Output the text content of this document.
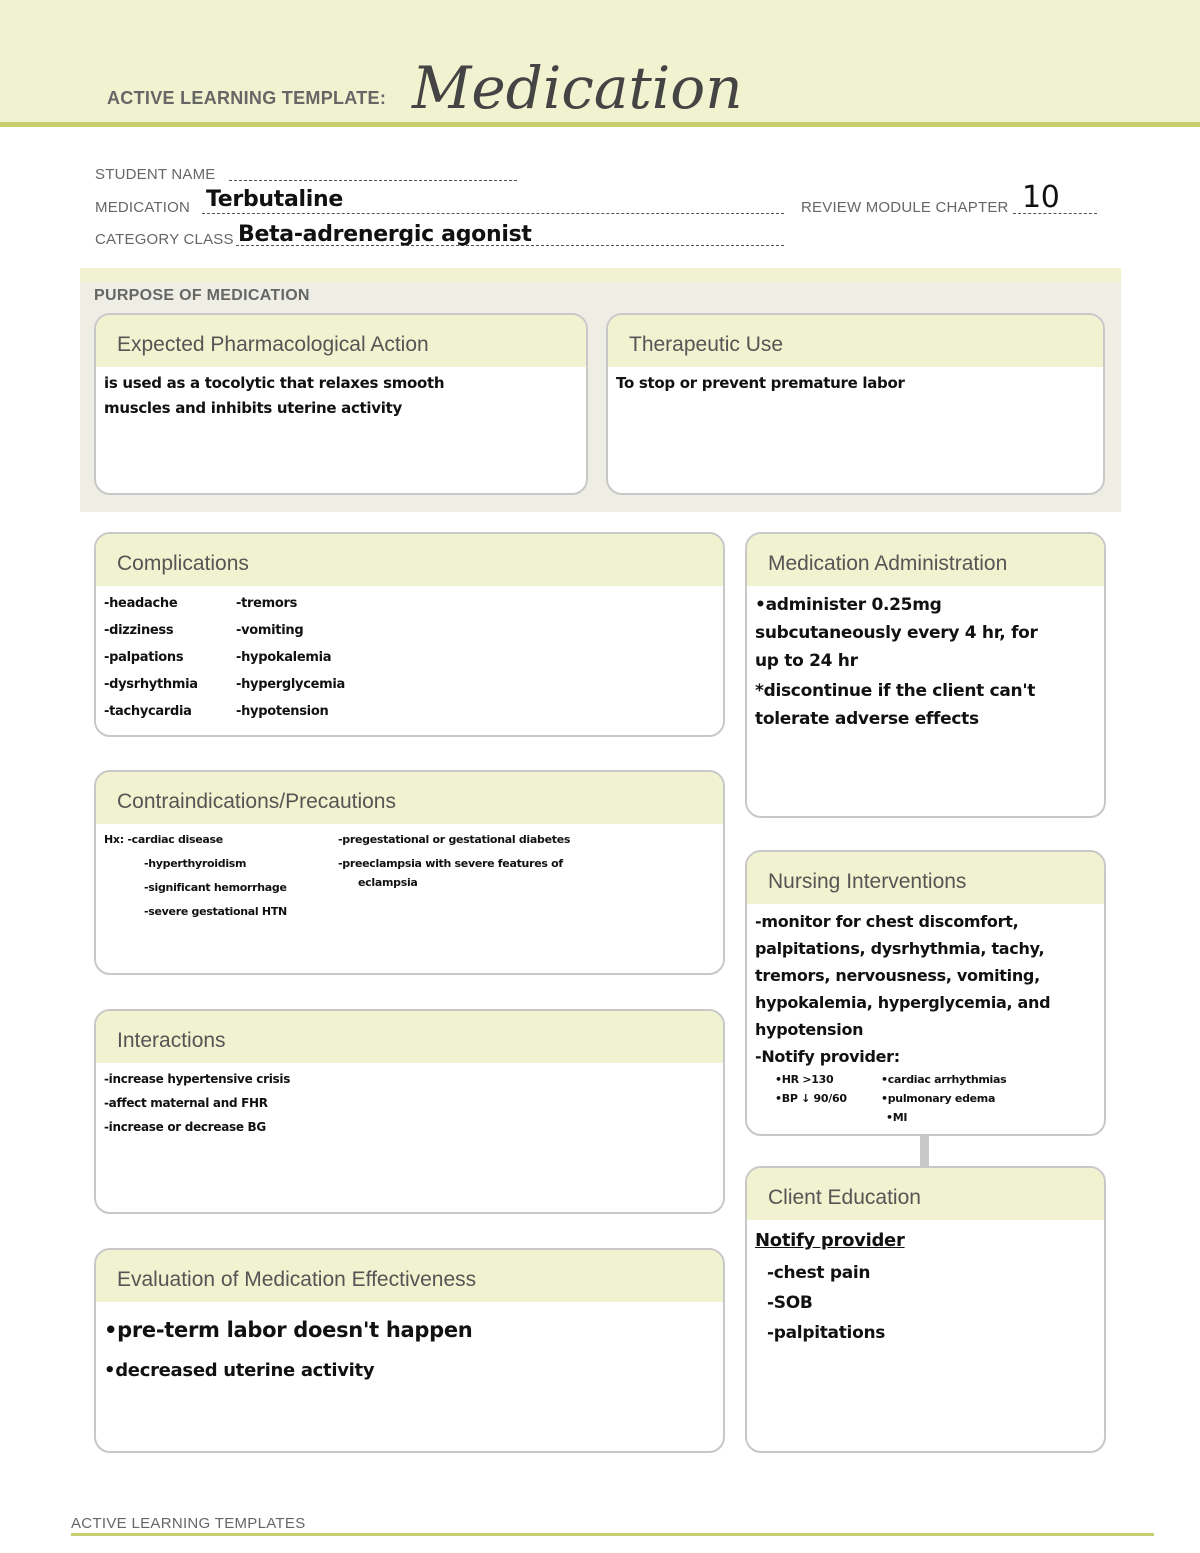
ACTIVE LEARNING TEMPLATE: Medication
STUDENT NAME
MEDICATION Terbutaline	REVIEW MODULE CHAPTER 10
CATEGORY CLASS Beta-adrenergic agonist
PURPOSE OF MEDICATION
Expected Pharmacological Action
is used as a tocolytic that relaxes smooth
muscles and inhibits uterine activity
Therapeutic Use
To stop or prevent premature labor
Complications
-headache
-dizziness
-palpations
-dysrhythmia
-tachycardia
-tremors
-vomiting
-hypokalemia
-hyperglycemia
-hypotension
Contraindications/Precautions
Hx: -cardiac disease
-hyperthyroidism
-significant hemorrhage
-severe gestational HTN
-pregestational or gestational diabetes
-preeclampsia with severe features of
eclampsia
Interactions
-increase hypertensive crisis
-affect maternal and FHR
-increase or decrease BG
Evaluation of Medication Effectiveness
•pre-term labor doesn't happen
•decreased uterine activity
Medication Administration
•administer 0.25mg
subcutaneously every 4 hr, for
up to 24 hr
*discontinue if the client can't
tolerate adverse effects
Nursing Interventions
-monitor for chest discomfort,
palpitations, dysrhythmia, tachy,
tremors, nervousness, vomiting,
hypokalemia, hyperglycemia, and
hypotension
-Notify provider:
•HR >130
•BP ↓ 90/60
•cardiac arrhythmias
•pulmonary edema
•MI
Client Education
Notify provider
-chest pain
-SOB
-palpitations
ACTIVE LEARNING TEMPLATES
